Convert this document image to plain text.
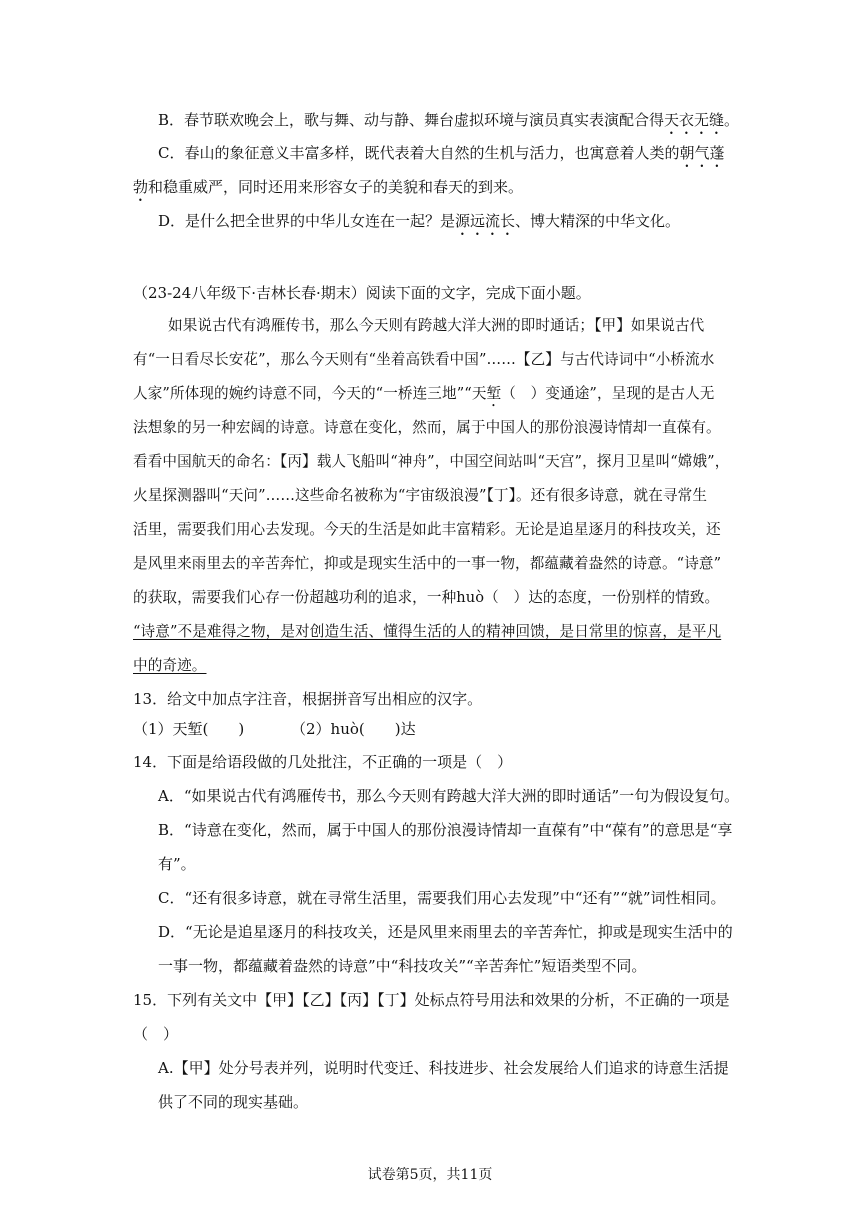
B．春节联欢晚会上，歌与舞、动与静、舞台虚拟环境与演员真实表演配合得天衣无缝。
C．春山的象征意义丰富多样，既代表着大自然的生机与活力，也寓意着人类的朝气蓬
勃和稳重威严，同时还用来形容女子的美貌和春天的到来。
D．是什么把全世界的中华儿女连在一起？是源远流长、博大精深的中华文化。
（23-24八年级下·吉林长春·期末）阅读下面的文字，完成下面小题。
如果说古代有鸿雁传书，那么今天则有跨越大洋大洲的即时通话；【甲】如果说古代
有“一日看尽长安花”，那么今天则有“坐着高铁看中国”……【乙】与古代诗词中“小桥流水
人家”所体现的婉约诗意不同，今天的“一桥连三地”“天堑（　）变通途”，呈现的是古人无
法想象的另一种宏阔的诗意。诗意在变化，然而，属于中国人的那份浪漫诗情却一直葆有。
看看中国航天的命名：【丙】载人飞船叫“神舟”，中国空间站叫“天宫”，探月卫星叫“嫦娥”，
火星探测器叫“天问”……这些命名被称为“宇宙级浪漫”【丁】。还有很多诗意，就在寻常生
活里，需要我们用心去发现。今天的生活是如此丰富精彩。无论是追星逐月的科技攻关，还
是风里来雨里去的辛苦奔忙，抑或是现实生活中的一事一物，都蕴藏着盎然的诗意。“诗意”
的获取，需要我们心存一份超越功利的追求，一种huò（　）达的态度，一份别样的情致。
“诗意”不是难得之物，是对创造生活、懂得生活的人的精神回馈，是日常里的惊喜，是平凡
中的奇迹。
13．给文中加点字注音，根据拼音写出相应的汉字。
（1）天堑(　　)	（2）huò(　　)达
14．下面是给语段做的几处批注，不正确的一项是（　）
A．“如果说古代有鸿雁传书，那么今天则有跨越大洋大洲的即时通话”一句为假设复句。
B．“诗意在变化，然而，属于中国人的那份浪漫诗情却一直葆有”中“葆有”的意思是“享
有”。
C．“还有很多诗意，就在寻常生活里，需要我们用心去发现”中“还有”“就”词性相同。
D．“无论是追星逐月的科技攻关，还是风里来雨里去的辛苦奔忙，抑或是现实生活中的
一事一物，都蕴藏着盎然的诗意”中“科技攻关”“辛苦奔忙”短语类型不同。
15．下列有关文中【甲】【乙】【丙】【丁】处标点符号用法和效果的分析，不正确的一项是
（　）
A.【甲】处分号表并列，说明时代变迁、科技进步、社会发展给人们追求的诗意生活提
供了不同的现实基础。
试卷第5页，共11页
